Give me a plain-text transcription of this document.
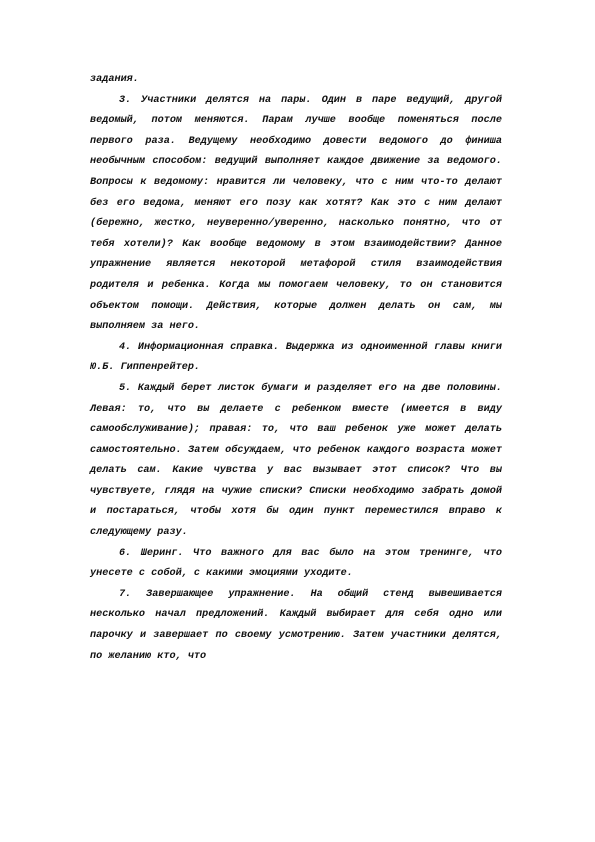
задания.

3. Участники делятся на пары. Один в паре ведущий, другой ведомый, потом меняются. Парам лучше вообще поменяться после первого раза. Ведущему необходимо довести ведомого до финиша необычным способом: ведущий выполняет каждое движение за ведомого. Вопросы к ведомому: нравится ли человеку, что с ним что-то делают без его ведома, меняют его позу как хотят? Как это с ним делают (бережно, жестко, неуверенно/уверенно, насколько понятно, что от тебя хотели)? Как вообще ведомому в этом взаимодействии? Данное упражнение является некоторой метафорой стиля взаимодействия родителя и ребенка. Когда мы помогаем человеку, то он становится объектом помощи. Действия, которые должен делать он сам, мы выполняем за него.

4. Информационная справка. Выдержка из одноименной главы книги Ю.Б. Гиппенрейтер.

5. Каждый берет листок бумаги и разделяет его на две половины. Левая: то, что вы делаете с ребенком вместе (имеется в виду самообслуживание); правая: то, что ваш ребенок уже может делать самостоятельно. Затем обсуждаем, что ребенок каждого возраста может делать сам. Какие чувства у вас вызывает этот список? Что вы чувствуете, глядя на чужие списки? Списки необходимо забрать домой и постараться, чтобы хотя бы один пункт переместился вправо к следующему разу.

6. Шеринг. Что важного для вас было на этом тренинге, что унесете с собой, с какими эмоциями уходите.

7. Завершающее упражнение. На общий стенд вывешивается несколько начал предложений. Каждый выбирает для себя одно или парочку и завершает по своему усмотрению. Затем участники делятся, по желанию кто, что
